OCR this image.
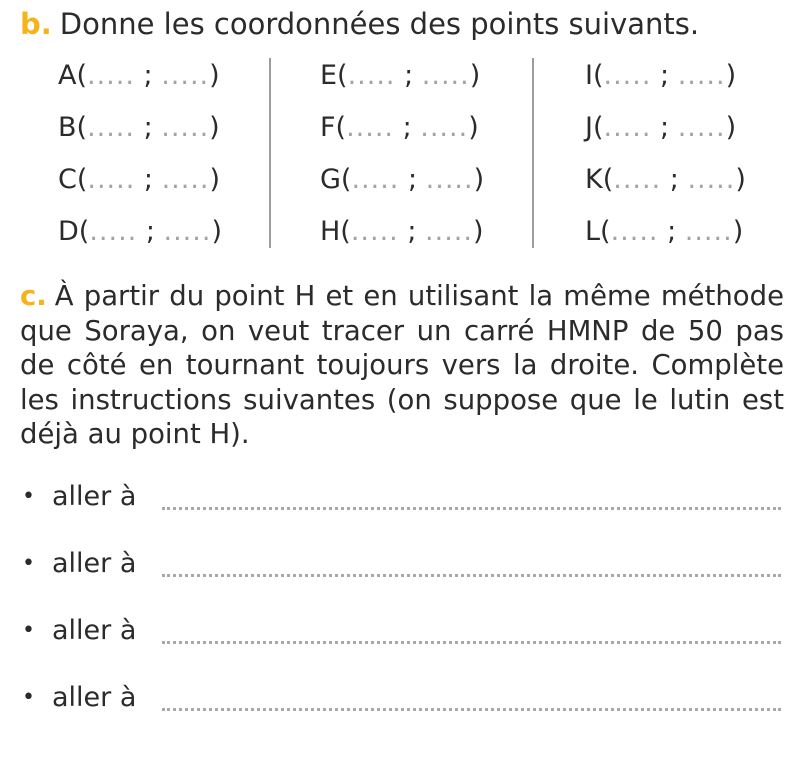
b. Donne les coordonnées des points suivants.
A(..... ; .....)
B(..... ; .....)
C(..... ; .....)
D(..... ; .....)
E(..... ; .....)
F(..... ; .....)
G(..... ; .....)
H(..... ; .....)
I(..... ; .....)
J(..... ; .....)
K(..... ; .....)
L(..... ; .....)
c. À partir du point H et en utilisant la même méthode que Soraya, on veut tracer un carré HMNP de 50 pas de côté en tournant toujours vers la droite. Complète les instructions suivantes (on suppose que le lutin est déjà au point H).
• aller à
• aller à
• aller à
• aller à
